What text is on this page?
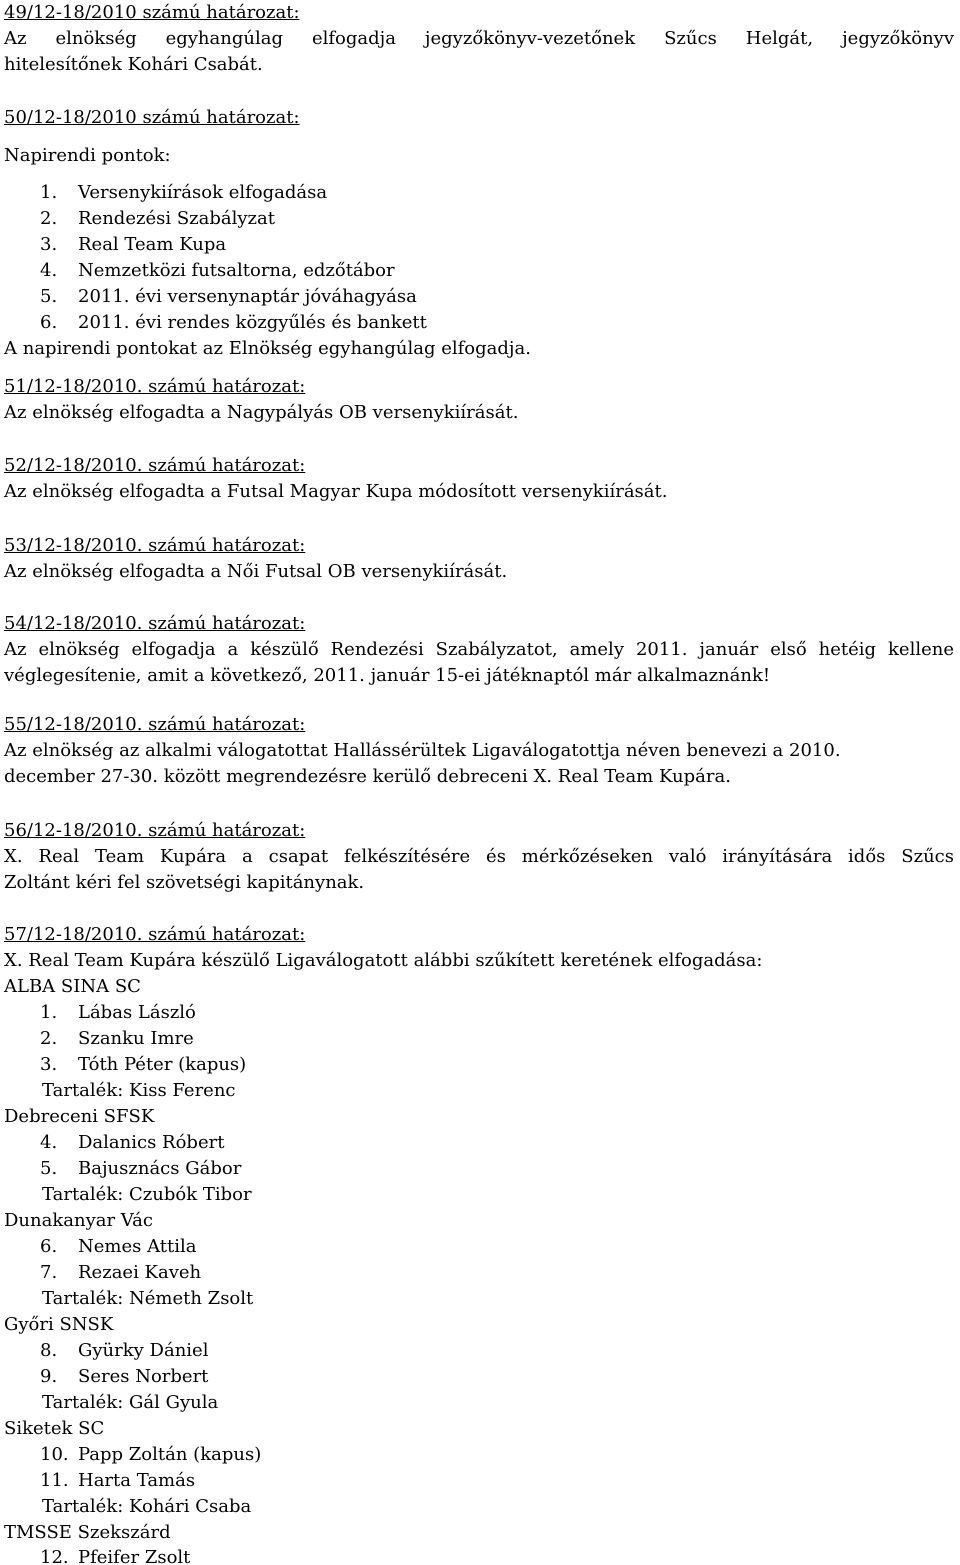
49/12-18/2010 számú határozat:
Az elnökség egyhangúlag elfogadja jegyzőkönyv-vezetőnek Szűcs Helgát, jegyzőkönyv
hitelesítőnek Kohári Csabát.
50/12-18/2010 számú határozat:
Napirendi pontok:
1. Versenykiírások elfogadása
2. Rendezési Szabályzat
3. Real Team Kupa
4. Nemzetközi futsaltorna, edzőtábor
5. 2011. évi versenynaptár jóváhagyása
6. 2011. évi rendes közgyűlés és bankett
A napirendi pontokat az Elnökség egyhangúlag elfogadja.
51/12-18/2010. számú határozat:
Az elnökség elfogadta a Nagypályás OB versenykiírását.
52/12-18/2010. számú határozat:
Az elnökség elfogadta a Futsal Magyar Kupa módosított versenykiírását.
53/12-18/2010. számú határozat:
Az elnökség elfogadta a Női Futsal OB versenykiírását.
54/12-18/2010. számú határozat:
Az elnökség elfogadja a készülő Rendezési Szabályzatot, amely 2011. január első hetéig kellene
véglegesítenie, amit a következő, 2011. január 15-ei játéknaptól már alkalmaznánk!
55/12-18/2010. számú határozat:
Az elnökség az alkalmi válogatottat Hallássérültek Ligaválogatottja néven benevezi a 2010.
december 27-30. között megrendezésre kerülő debreceni X. Real Team Kupára.
56/12-18/2010. számú határozat:
X. Real Team Kupára a csapat felkészítésére és mérkőzéseken való irányítására idős Szűcs
Zoltánt kéri fel szövetségi kapitánynak.
57/12-18/2010. számú határozat:
X. Real Team Kupára készülő Ligaválogatott alábbi szűkített keretének elfogadása:
ALBA SINA SC
1. Lábas László
2. Szanku Imre
3. Tóth Péter (kapus)
Tartalék: Kiss Ferenc
Debreceni SFSK
4. Dalanics Róbert
5. Bajusznács Gábor
Tartalék: Czubók Tibor
Dunakanyar Vác
6. Nemes Attila
7. Rezaei Kaveh
Tartalék: Németh Zsolt
Győri SNSK
8. Gyürky Dániel
9. Seres Norbert
Tartalék: Gál Gyula
Siketek SC
10. Papp Zoltán (kapus)
11. Harta Tamás
Tartalék: Kohári Csaba
TMSSE Szekszárd
12. Pfeifer Zsolt
